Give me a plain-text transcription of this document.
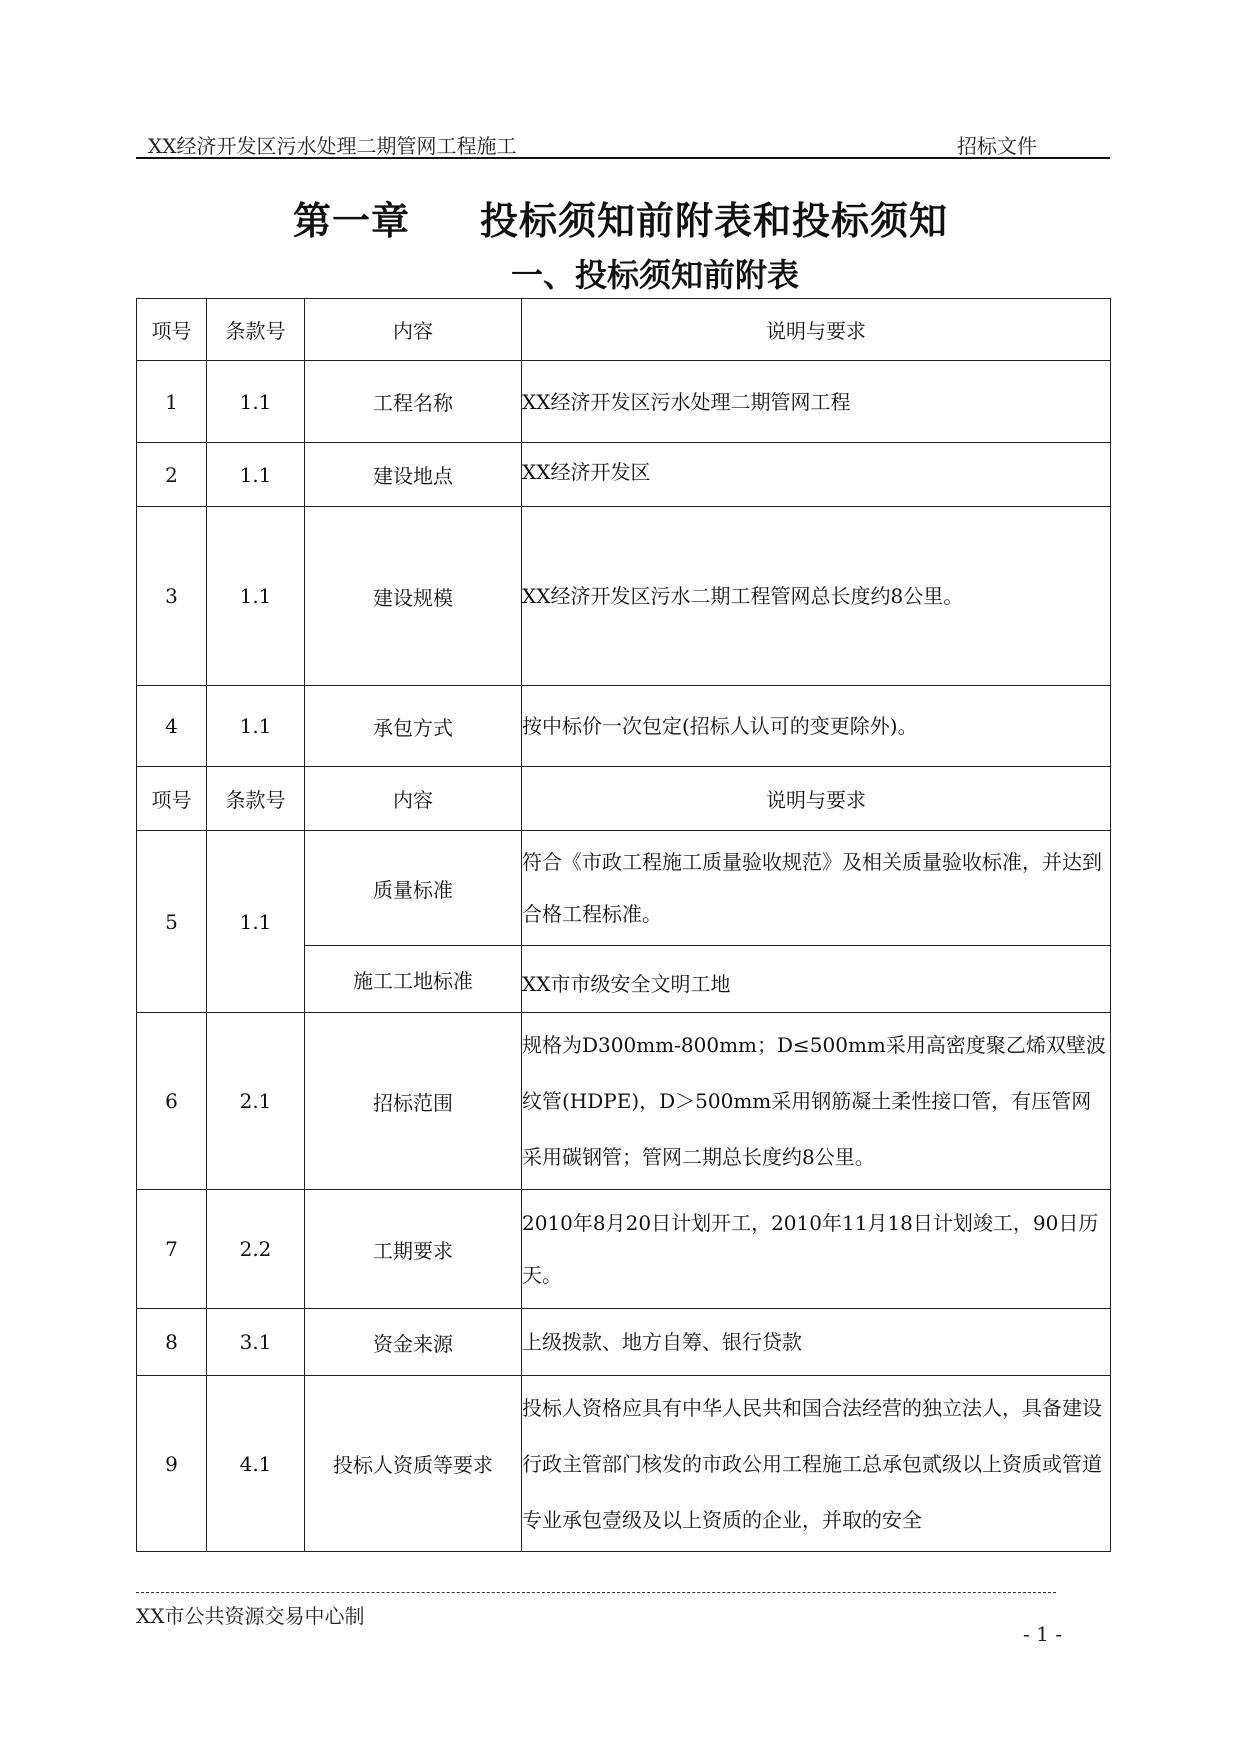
XX经济开发区污水处理二期管网工程施工	招标文件
第一章 投标须知前附表和投标须知
一、投标须知前附表
项号	条款号	内容	说明与要求
1	1.1	工程名称	XX经济开发区污水处理二期管网工程
2	1.1	建设地点	XX经济开发区
3	1.1	建设规模	XX经济开发区污水二期工程管网总长度约8公里。
4	1.1	承包方式	按中标价一次包定(招标人认可的变更除外)。
项号	条款号	内容	说明与要求
5	1.1	质量标准	符合《市政工程施工质量验收规范》及相关质量验收标准，并达到合格工程标准。
		施工工地标准	XX市市级安全文明工地
6	2.1	招标范围	规格为D300mm-800mm；D≤500mm采用高密度聚乙烯双壁波纹管(HDPE)，D＞500mm采用钢筋凝土柔性接口管，有压管网采用碳钢管；管网二期总长度约8公里。
7	2.2	工期要求	2010年8月20日计划开工，2010年11月18日计划竣工，90日历天。
8	3.1	资金来源	上级拨款、地方自筹、银行贷款
9	4.1	投标人资质等要求	投标人资格应具有中华人民共和国合法经营的独立法人，具备建设行政主管部门核发的市政公用工程施工总承包贰级以上资质或管道专业承包壹级及以上资质的企业，并取的安全
XX市公共资源交易中心制
- 1 -
